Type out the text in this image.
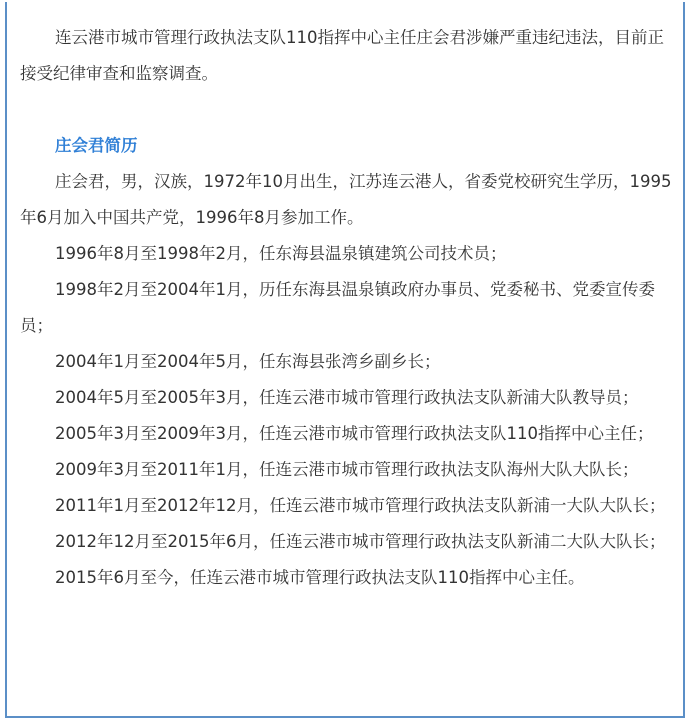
连云港市城市管理行政执法支队110指挥中心主任庄会君涉嫌严重违纪违法，目前正接受纪律审查和监察调查。

庄会君简历

庄会君，男，汉族，1972年10月出生，江苏连云港人，省委党校研究生学历，1995年6月加入中国共产党，1996年8月参加工作。

1996年8月至1998年2月，任东海县温泉镇建筑公司技术员；

1998年2月至2004年1月，历任东海县温泉镇政府办事员、党委秘书、党委宣传委员；

2004年1月至2004年5月，任东海县张湾乡副乡长；

2004年5月至2005年3月，任连云港市城市管理行政执法支队新浦大队教导员；

2005年3月至2009年3月，任连云港市城市管理行政执法支队110指挥中心主任；

2009年3月至2011年1月，任连云港市城市管理行政执法支队海州大队大队长；

2011年1月至2012年12月，任连云港市城市管理行政执法支队新浦一大队大队长；

2012年12月至2015年6月，任连云港市城市管理行政执法支队新浦二大队大队长；

2015年6月至今，任连云港市城市管理行政执法支队110指挥中心主任。
